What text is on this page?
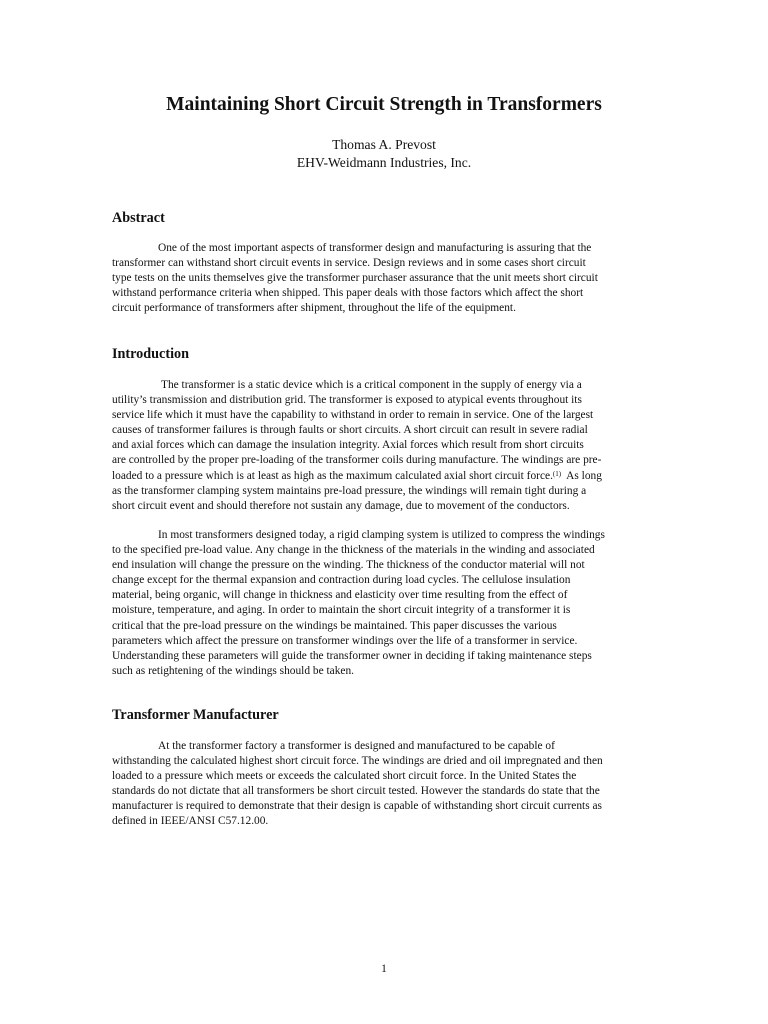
Maintaining Short Circuit Strength in Transformers
Thomas A. Prevost
EHV-Weidmann Industries, Inc.
Abstract
One of the most important aspects of transformer design and manufacturing is assuring that the
transformer can withstand short circuit events in service. Design reviews and in some cases short circuit
type tests on the units themselves give the transformer purchaser assurance that the unit meets short circuit
withstand performance criteria when shipped. This paper deals with those factors which affect the short
circuit performance of transformers after shipment, throughout the life of the equipment.
Introduction
The transformer is a static device which is a critical component in the supply of energy via a
utility’s transmission and distribution grid. The transformer is exposed to atypical events throughout its
service life which it must have the capability to withstand in order to remain in service. One of the largest
causes of transformer failures is through faults or short circuits. A short circuit can result in severe radial
and axial forces which can damage the insulation integrity. Axial forces which result from short circuits
are controlled by the proper pre-loading of the transformer coils during manufacture. The windings are pre-
loaded to a pressure which is at least as high as the maximum calculated axial short circuit force.$^{(1)}$ As long
as the transformer clamping system maintains pre-load pressure, the windings will remain tight during a
short circuit event and should therefore not sustain any damage, due to movement of the conductors.
In most transformers designed today, a rigid clamping system is utilized to compress the windings
to the specified pre-load value. Any change in the thickness of the materials in the winding and associated
end insulation will change the pressure on the winding. The thickness of the conductor material will not
change except for the thermal expansion and contraction during load cycles. The cellulose insulation
material, being organic, will change in thickness and elasticity over time resulting from the effect of
moisture, temperature, and aging. In order to maintain the short circuit integrity of a transformer it is
critical that the pre-load pressure on the windings be maintained. This paper discusses the various
parameters which affect the pressure on transformer windings over the life of a transformer in service.
Understanding these parameters will guide the transformer owner in deciding if taking maintenance steps
such as retightening of the windings should be taken.
Transformer Manufacturer
At the transformer factory a transformer is designed and manufactured to be capable of
withstanding the calculated highest short circuit force. The windings are dried and oil impregnated and then
loaded to a pressure which meets or exceeds the calculated short circuit force. In the United States the
standards do not dictate that all transformers be short circuit tested. However the standards do state that the
manufacturer is required to demonstrate that their design is capable of withstanding short circuit currents as
defined in IEEE/ANSI C57.12.00.
1
